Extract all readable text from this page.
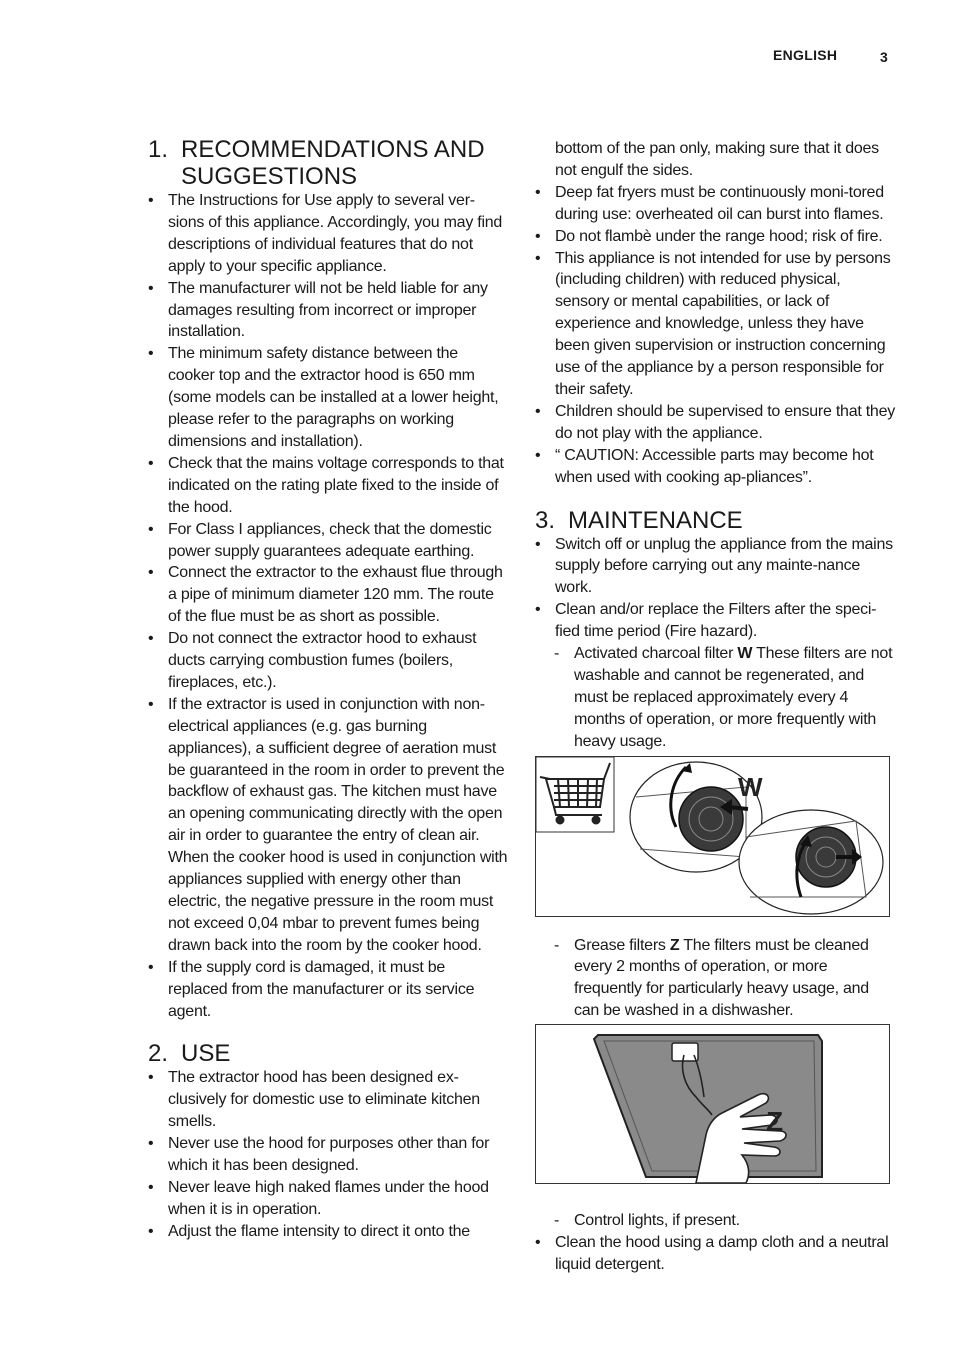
ENGLISH	3
1. RECOMMENDATIONS AND
SUGGESTIONS
• The Instructions for Use apply to several ver-sions of this appliance. Accordingly, you may find descriptions of individual features that do not apply to your specific appliance.
• The manufacturer will not be held liable for any damages resulting from incorrect or improper installation.
• The minimum safety distance between the cooker top and the extractor hood is 650 mm (some models can be installed at a lower height, please refer to the paragraphs on working dimensions and installation).
• Check that the mains voltage corresponds to that indicated on the rating plate fixed to the inside of the hood.
• For Class I appliances, check that the domestic power supply guarantees adequate earthing.
• Connect the extractor to the exhaust flue through a pipe of minimum diameter 120 mm. The route of the flue must be as short as possible.
• Do not connect the extractor hood to exhaust ducts carrying combustion fumes (boilers, fireplaces, etc.).
• If the extractor is used in conjunction with non-electrical appliances (e.g. gas burning appliances), a sufficient degree of aeration must be guaranteed in the room in order to prevent the backflow of exhaust gas. The kitchen must have an opening communicating directly with the open air in order to guarantee the entry of clean air. When the cooker hood is used in conjunction with appliances supplied with energy other than electric, the negative pressure in the room must not exceed 0,04 mbar to prevent fumes being drawn back into the room by the cooker hood.
• If the supply cord is damaged, it must be replaced from the manufacturer or its service agent.
2. USE
• The extractor hood has been designed ex-clusively for domestic use to eliminate kitchen smells.
• Never use the hood for purposes other than for which it has been designed.
• Never leave high naked flames under the hood when it is in operation.
• Adjust the flame intensity to direct it onto the
bottom of the pan only, making sure that it does not engulf the sides.
• Deep fat fryers must be continuously moni-tored during use: overheated oil can burst into flames.
• Do not flambè under the range hood; risk of fire.
• This appliance is not intended for use by persons (including children) with reduced physical, sensory or mental capabilities, or lack of experience and knowledge, unless they have been given supervision or instruction concerning use of the appliance by a person responsible for their safety.
• Children should be supervised to ensure that they do not play with the appliance.
• “ CAUTION: Accessible parts may become hot when used with cooking ap-pliances”.
3. MAINTENANCE
• Switch off or unplug the appliance from the mains supply before carrying out any mainte-nance work.
• Clean and/or replace the Filters after the speci-fied time period (Fire hazard).
- Activated charcoal filter W These filters are not washable and cannot be regenerated, and must be replaced approximately every 4 months of operation, or more frequently with heavy usage.
W
- Grease filters Z The filters must be cleaned every 2 months of operation, or more frequently for particularly heavy usage, and can be washed in a dishwasher.
Z
- Control lights, if present.
• Clean the hood using a damp cloth and a neutral liquid detergent.
